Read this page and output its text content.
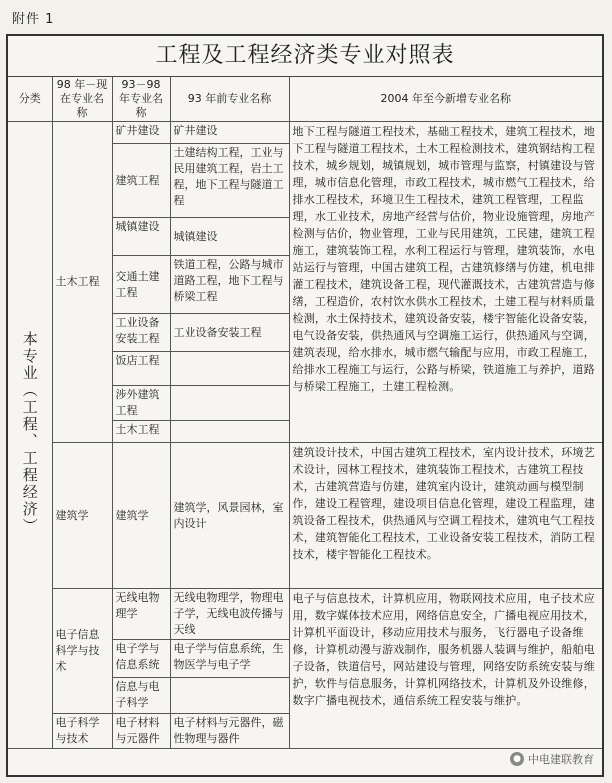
附件 1
工程及工程经济类专业对照表
分类	98 年－现在专业名称	93－98 年专业名称	93 年前专业名称	2004 年至今新增专业名称
本专业（工程、工程经济）	土木工程	矿井建设	矿井建设	地下工程与隧道工程技术，基础工程技术，建筑工程技术，地下工程与隧道工程技术，土木工程检测技术，建筑钢结构工程技术，城乡规划，城镇规划，城市管理与监察，村镇建设与管理，城市信息化管理，市政工程技术，城市燃气工程技术，给排水工程技术，环境卫生工程技术，建筑工程管理，工程监理，水工业技术，房地产经营与估价，物业设施管理，房地产检测与估价，物业管理，工业与民用建筑，工民建，建筑工程施工，建筑装饰工程，水利工程运行与管理，建筑装饰，水电站运行与管理，中国古建筑工程，古建筑修缮与仿建，机电排灌工程技术，建筑设备工程，现代灌溉技术，古建筑营造与修缮，工程造价，农村饮水供水工程技术，土建工程与材料质量检测，水土保持技术，建筑设备安装，楼宇智能化设备安装，电气设备安装，供热通风与空调施工运行，供热通风与空调，建筑表现，给水排水，城市燃气输配与应用，市政工程施工，给排水工程施工与运行，公路与桥梁，铁道施工与养护，道路与桥梁工程施工，土建工程检测。
		建筑工程	土建结构工程，工业与民用建筑工程，岩土工程，地下工程与隧道工程	
		城镇建设	城镇建设	
		交通土建工程	铁道工程，公路与城市道路工程，地下工程与桥梁工程	
		工业设备安装工程	工业设备安装工程	
		饭店工程		
		涉外建筑工程		
		土木工程		
	建筑学	建筑学	建筑学，风景园林，室内设计	建筑设计技术，中国古建筑工程技术，室内设计技术，环境艺术设计，园林工程技术，建筑装饰工程技术，古建筑工程技术，古建筑营造与仿建，建筑室内设计，建筑动画与模型制作，建设工程管理，建设项目信息化管理，建设工程监理，建筑设备工程技术，供热通风与空调工程技术，建筑电气工程技术，建筑智能化工程技术，工业设备安装工程技术，消防工程技术，楼宇智能化工程技术。
	电子信息科学与技术	无线电物理学	无线电物理学，物理电子学，无线电波传播与天线	电子与信息技术，计算机应用，物联网技术应用，电子技术应用，数字媒体技术应用，网络信息安全，广播电视应用技术，计算机平面设计，移动应用技术与服务，飞行器电子设备维修，计算机动漫与游戏制作，服务机器人装调与维护，船舶电子设备，铁道信号，网站建设与管理，网络安防系统安装与维护，软件与信息服务，计算机网络技术，计算机及外设维修，数字广播电视技术，通信系统工程安装与维护。
		电子学与信息系统	电子学与信息系统，生物医学与电子学	
		信息与电子科学		
	电子科学与技术	电子材料与元器件	电子材料与元器件，磁性物理与器件	
● 中电建联教育
